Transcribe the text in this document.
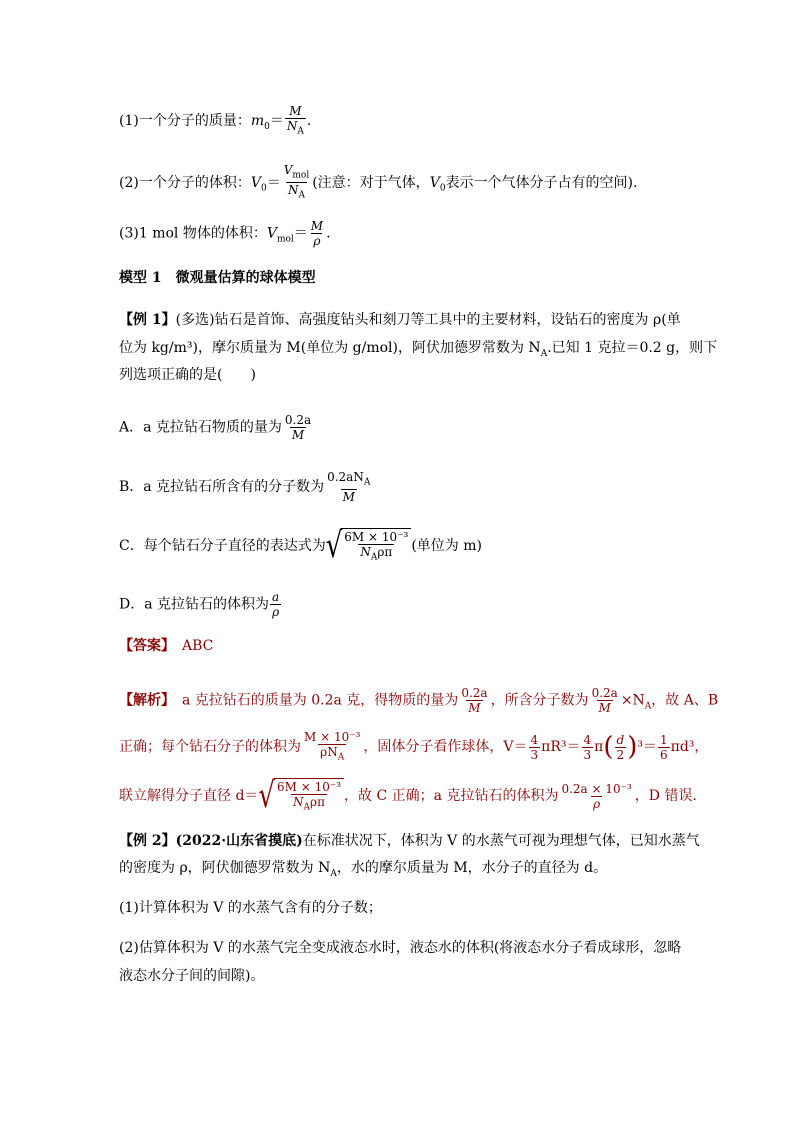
(1)一个分子的质量：$m_0= \frac{M}{N_A}$ .
(2)一个分子的体积：$V_0= \frac{V_{mol}}{N_A}$ (注意：对于气体，$V_0$表示一个气体分子占有的空间).
(3)1 mol 物体的体积：$V_{mol}= \frac{M}{\rho}$ .
模型 1　微观量估算的球体模型
【例 1】(多选)钻石是首饰、高强度钻头和刻刀等工具中的主要材料，设钻石的密度为 ρ(单
位为 kg/m³)，摩尔质量为 M(单位为 g/mol)，阿伏加德罗常数为 $N_A$.已知 1 克拉＝0.2 g，则下
列选项正确的是(　　)
A．a 克拉钻石物质的量为 $\frac{0.2a}{M}$
B．a 克拉钻石所含有的分子数为 $\frac{0.2aN_A}{M}$
C．每个钻石分子直径的表达式为 √ $\frac{\text{6M × 10⁻³}}{N_A\rho\pi}$ (单位为 m)
D．a 克拉钻石的体积为 $\frac{a}{\rho}$
【答案】　 ABC
【解析】　 a 克拉钻石的质量为 0.2a 克，得物质的量为 $\frac{0.2a}{M}$ ，所含分子数为 $\frac{0.2a}{M} \times N_A$，故 A、B
正确；每个钻石分子的体积为 $\frac{\text{M × 10⁻³}}{\rho N_A}$ ，固体分子看作球体，$V= \frac{4}{3} \pi R^3= \frac{4}{3} \pi( \frac{d}{2} )^3= \frac{1}{6} \pi d^3$，
联立解得分子直径 d＝ √ $\frac{\text{6M × 10⁻³}}{N_A\rho\pi}$ ，故 C 正确；a 克拉钻石的体积为 $\frac{\text{0.2a × 10⁻³}}{\rho}$ ，D 错误．
【例 2】(2022·山东省摸底)在标准状况下，体积为 V 的水蒸气可视为理想气体，已知水蒸气
的密度为 ρ，阿伏伽德罗常数为 $N_A$，水的摩尔质量为 M，水分子的直径为 d。
(1)计算体积为 V 的水蒸气含有的分子数；
(2)估算体积为 V 的水蒸气完全变成液态水时，液态水的体积(将液态水分子看成球形，忽略
液态水分子间的间隙)。
